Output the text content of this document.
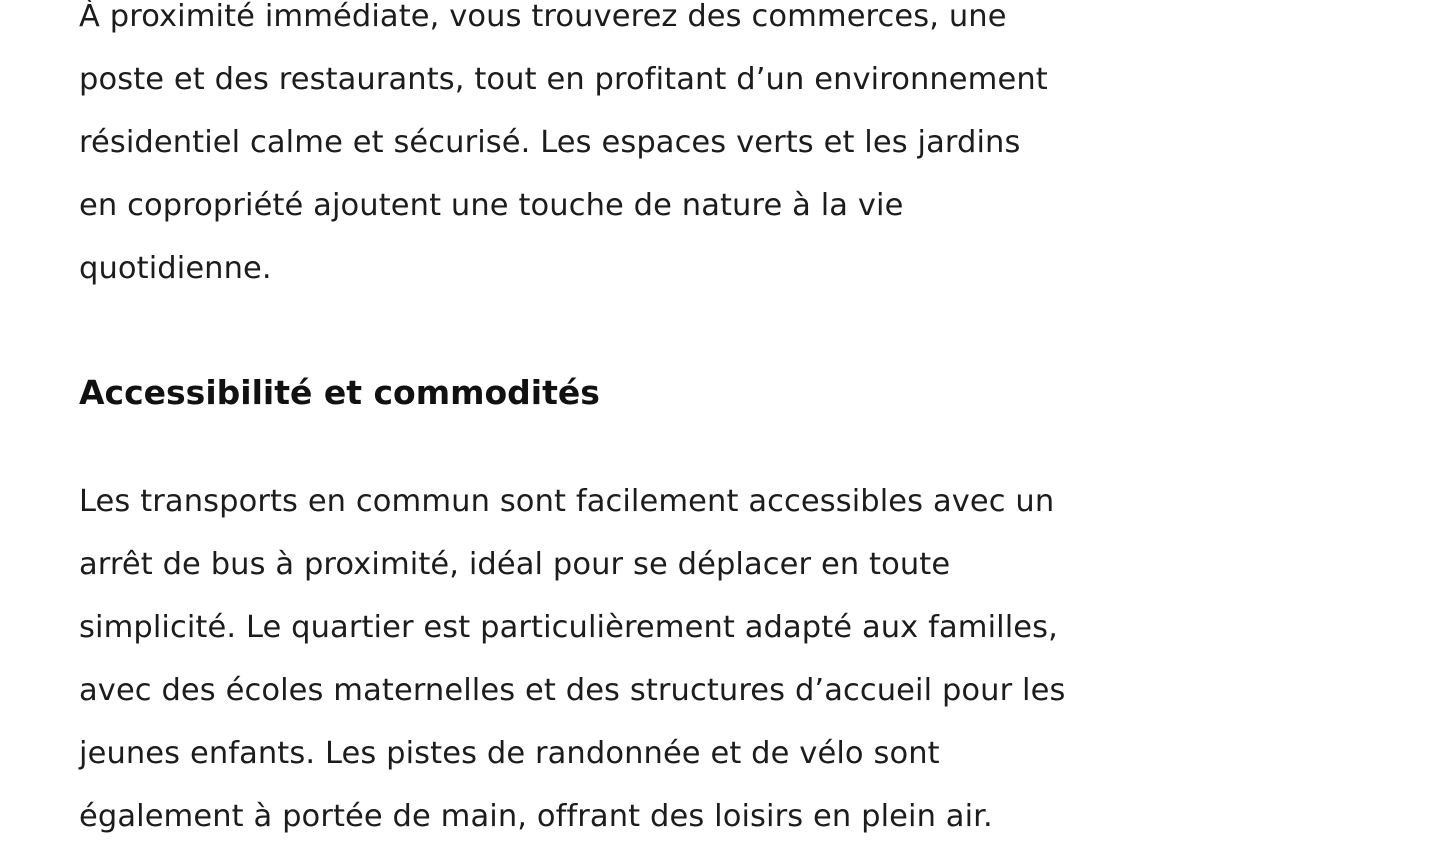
À proximité immédiate, vous trouverez des commerces, une
poste et des restaurants, tout en profitant d’un environnement
résidentiel calme et sécurisé. Les espaces verts et les jardins
en copropriété ajoutent une touche de nature à la vie
quotidienne.

Accessibilité et commodités

Les transports en commun sont facilement accessibles avec un
arrêt de bus à proximité, idéal pour se déplacer en toute
simplicité. Le quartier est particulièrement adapté aux familles,
avec des écoles maternelles et des structures d’accueil pour les
jeunes enfants. Les pistes de randonnée et de vélo sont
également à portée de main, offrant des loisirs en plein air.
